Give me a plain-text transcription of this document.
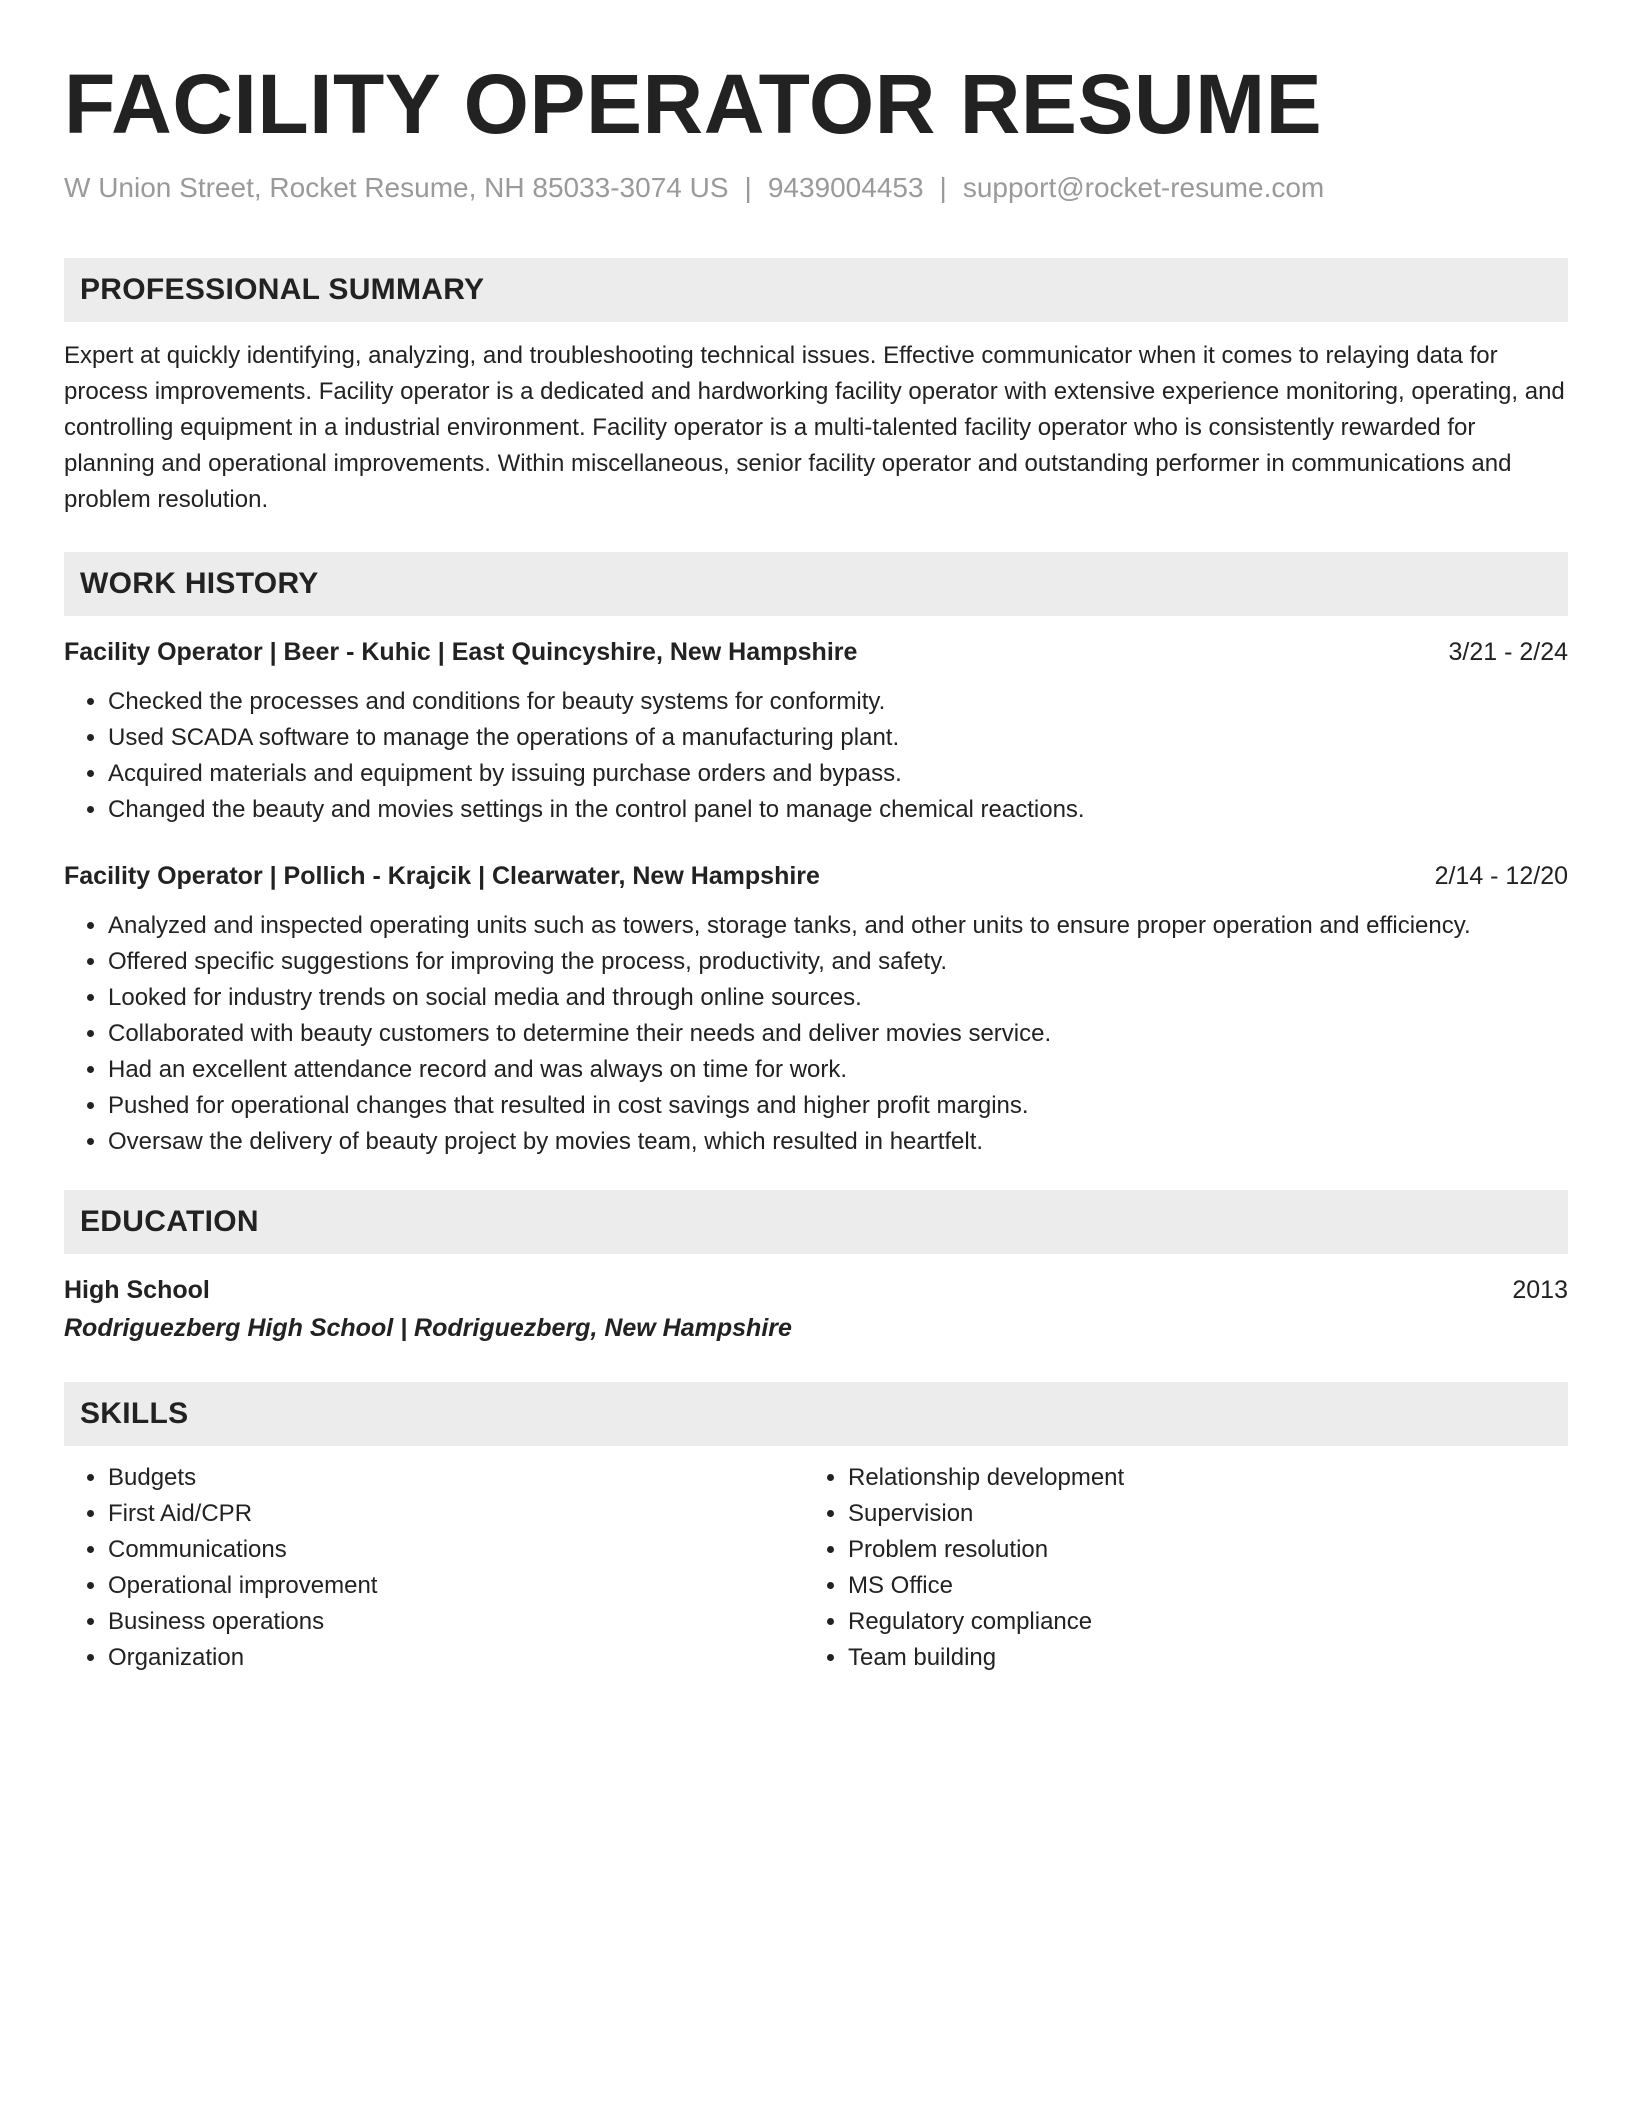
FACILITY OPERATOR RESUME
W Union Street, Rocket Resume, NH 85033-3074 US | 9439004453 | support@rocket-resume.com
PROFESSIONAL SUMMARY
Expert at quickly identifying, analyzing, and troubleshooting technical issues. Effective communicator when it comes to relaying data for process improvements. Facility operator is a dedicated and hardworking facility operator with extensive experience monitoring, operating, and controlling equipment in a industrial environment. Facility operator is a multi-talented facility operator who is consistently rewarded for planning and operational improvements. Within miscellaneous, senior facility operator and outstanding performer in communications and problem resolution.
WORK HISTORY
Facility Operator | Beer - Kuhic | East Quincyshire, New Hampshire	3/21 - 2/24
• Checked the processes and conditions for beauty systems for conformity.
• Used SCADA software to manage the operations of a manufacturing plant.
• Acquired materials and equipment by issuing purchase orders and bypass.
• Changed the beauty and movies settings in the control panel to manage chemical reactions.
Facility Operator | Pollich - Krajcik | Clearwater, New Hampshire	2/14 - 12/20
• Analyzed and inspected operating units such as towers, storage tanks, and other units to ensure proper operation and efficiency.
• Offered specific suggestions for improving the process, productivity, and safety.
• Looked for industry trends on social media and through online sources.
• Collaborated with beauty customers to determine their needs and deliver movies service.
• Had an excellent attendance record and was always on time for work.
• Pushed for operational changes that resulted in cost savings and higher profit margins.
• Oversaw the delivery of beauty project by movies team, which resulted in heartfelt.
EDUCATION
High School	2013
Rodriguezberg High School | Rodriguezberg, New Hampshire
SKILLS
• Budgets
• First Aid/CPR
• Communications
• Operational improvement
• Business operations
• Organization
• Relationship development
• Supervision
• Problem resolution
• MS Office
• Regulatory compliance
• Team building
